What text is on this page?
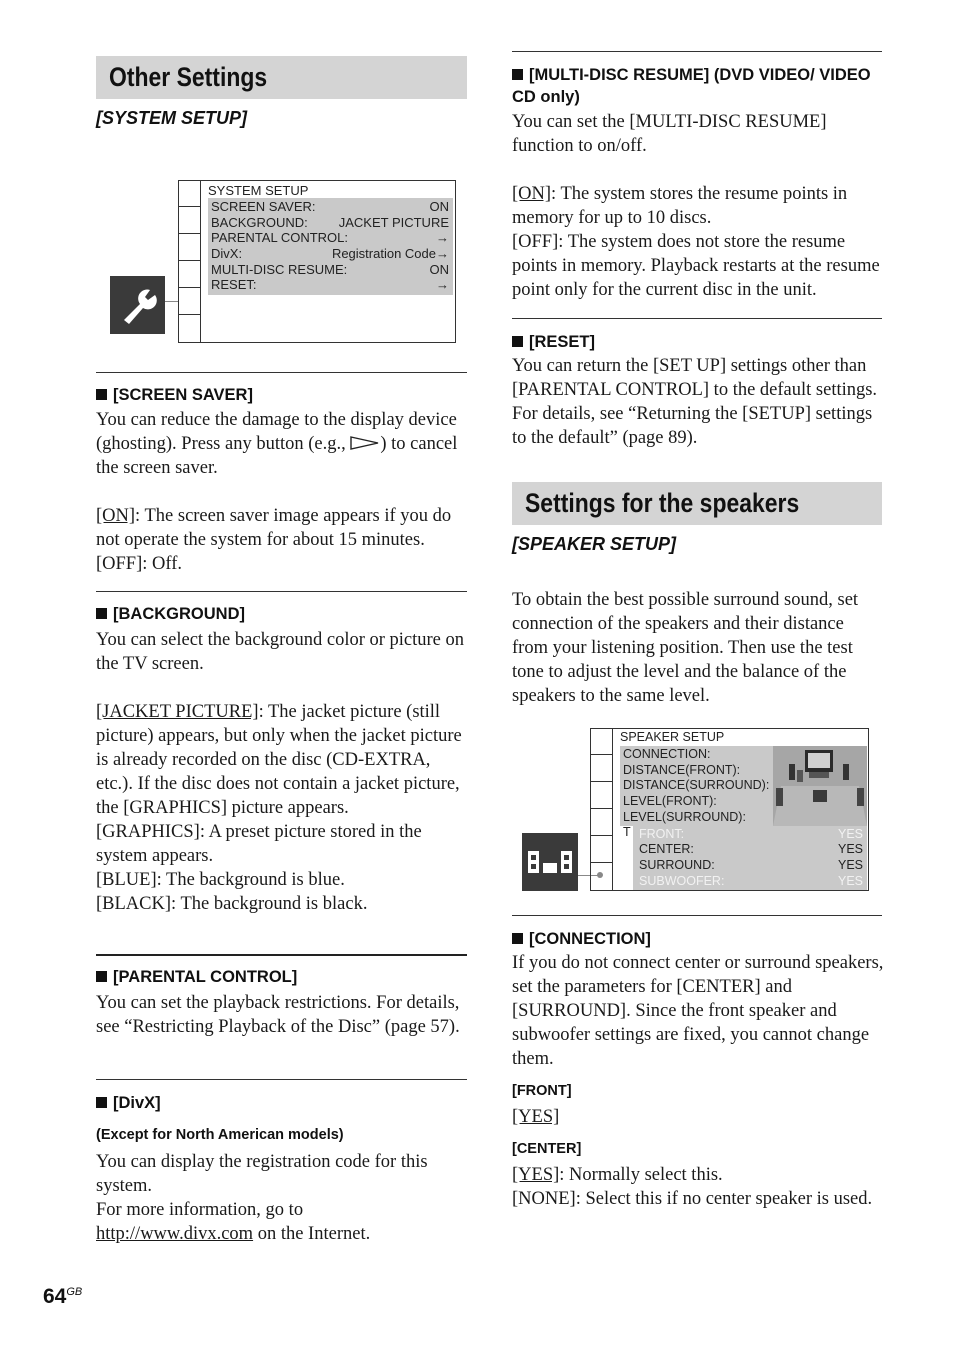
Other Settings
[SYSTEM SETUP]
SYSTEM SETUP
SCREEN SAVER:	ON
BACKGROUND: JACKET PICTURE
PARENTAL CONTROL:	→
DivX:	Registration Code→
MULTI-DISC RESUME:	ON
RESET:	→
[SCREEN SAVER]

You can reduce the damage to the display device (ghosting). Press any button (e.g., ) to cancel the screen saver.

[ON]: The screen saver image appears if you do not operate the system for about 15 minutes.

[OFF]: Off.

[BACKGROUND]

You can select the background color or picture on the TV screen.

[JACKET PICTURE]: The jacket picture (still picture) appears, but only when the jacket picture is already recorded on the disc (CD-EXTRA, etc.). If the disc does not contain a jacket picture, the [GRAPHICS] picture appears.

[GRAPHICS]: A preset picture stored in the system appears.

[BLUE]: The background is blue.

[BLACK]: The background is black.

[PARENTAL CONTROL]
You can set the playback restrictions. For details, see “Restricting Playback of the Disc” (page 57).
[DivX]
(Except for North American models)

You can display the registration code for this system.

For more information, go to

http://www.divx.com on the Internet.

$64^{GB}$
[MULTI-DISC RESUME] (DVD VIDEO/ VIDEO CD only)

You can set the [MULTI-DISC RESUME] function to on/off.

[ON]: The system stores the resume points in memory for up to 10 discs.

[OFF]: The system does not store the resume points in memory. Playback restarts at the resume point only for the current disc in the unit.

[RESET]
You can return the [SET UP] settings other than [PARENTAL CONTROL] to the default settings. For details, see “Returning the [SETUP] settings to the default” (page 89).
Settings for the speakers
[SPEAKER SETUP]
To obtain the best possible surround sound, set connection of the speakers and their distance from your listening position. Then use the test tone to adjust the level and the balance of the speakers to the same level.
SPEAKER SETUP
CONNECTION:
DISTANCE(FRONT):
DISTANCE(SURROUND):
LEVEL(FRONT):
LEVEL(SURROUND):
T FRONT:	YES
CENTER:	YES
SURROUND:	YES
SUBWOOFER:	YES
[CONNECTION]
If you do not connect center or surround speakers, set the parameters for [CENTER] and [SURROUND]. Since the front speaker and subwoofer settings are fixed, you cannot change them.
[FRONT]
[YES]
[CENTER]

[YES]: Normally select this.

[NONE]: Select this if no center speaker is used.
